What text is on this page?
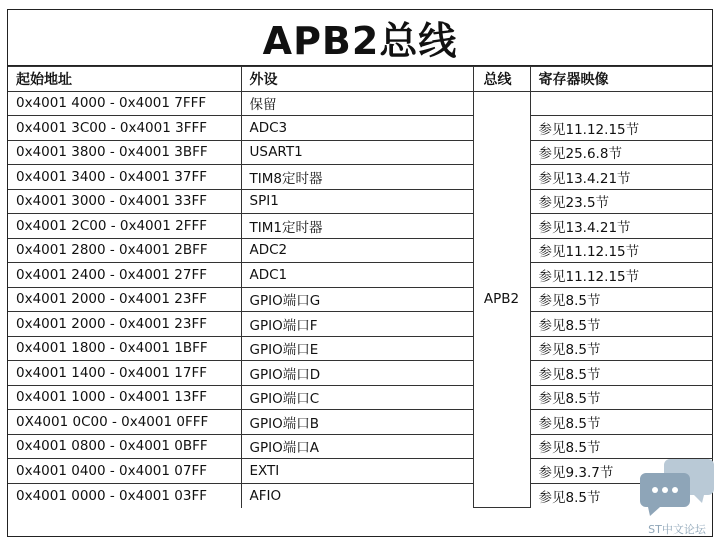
APB2总线
起始地址	外设	总线	寄存器映像
0x4001 4000 - 0x4001 7FFF	保留	APB2	
0x4001 3C00 - 0x4001 3FFF	ADC3		参见11.12.15节
0x4001 3800 - 0x4001 3BFF	USART1		参见25.6.8节
0x4001 3400 - 0x4001 37FF	TIM8定时器		参见13.4.21节
0x4001 3000 - 0x4001 33FF	SPI1		参见23.5节
0x4001 2C00 - 0x4001 2FFF	TIM1定时器		参见13.4.21节
0x4001 2800 - 0x4001 2BFF	ADC2		参见11.12.15节
0x4001 2400 - 0x4001 27FF	ADC1		参见11.12.15节
0x4001 2000 - 0x4001 23FF	GPIO端口G		参见8.5节
0x4001 2000 - 0x4001 23FF	GPIO端口F		参见8.5节
0x4001 1800 - 0x4001 1BFF	GPIO端口E		参见8.5节
0x4001 1400 - 0x4001 17FF	GPIO端口D		参见8.5节
0x4001 1000 - 0x4001 13FF	GPIO端口C		参见8.5节
0X4001 0C00 - 0x4001 0FFF	GPIO端口B		参见8.5节
0x4001 0800 - 0x4001 0BFF	GPIO端口A		参见8.5节
0x4001 0400 - 0x4001 07FF	EXTI		参见9.3.7节
0x4001 0000 - 0x4001 03FF	AFIO		参见8.5节
ST中文论坛
